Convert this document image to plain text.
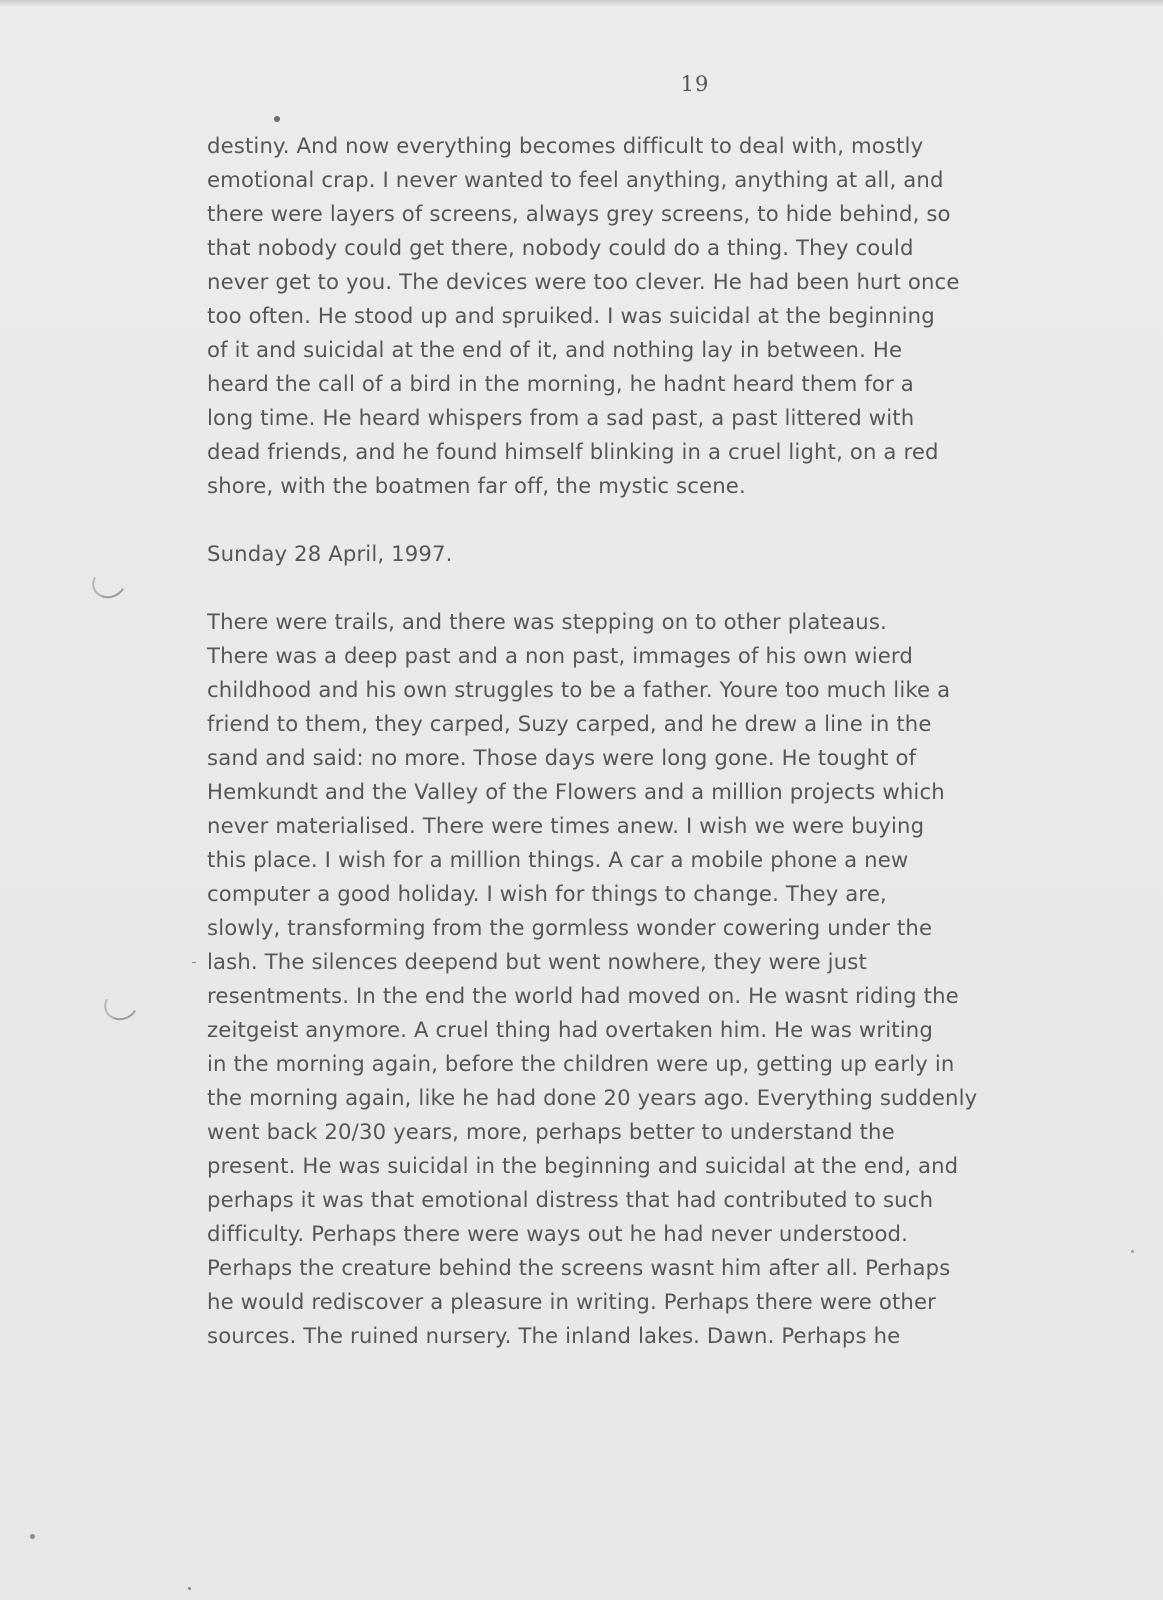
19
destiny. And now everything becomes difficult to deal with, mostly
emotional crap. I never wanted to feel anything, anything at all, and
there were layers of screens, always grey screens, to hide behind, so
that nobody could get there, nobody could do a thing. They could
never get to you. The devices were too clever. He had been hurt once
too often. He stood up and spruiked. I was suicidal at the beginning
of it and suicidal at the end of it, and nothing lay in between. He
heard the call of a bird in the morning, he hadnt heard them for a
long time. He heard whispers from a sad past, a past littered with
dead friends, and he found himself blinking in a cruel light, on a red
shore, with the boatmen far off, the mystic scene.
Sunday 28 April, 1997.
There were trails, and there was stepping on to other plateaus.
There was a deep past and a non past, immages of his own wierd
childhood and his own struggles to be a father. Youre too much like a
friend to them, they carped, Suzy carped, and he drew a line in the
sand and said: no more. Those days were long gone. He tought of
Hemkundt and the Valley of the Flowers and a million projects which
never materialised. There were times anew. I wish we were buying
this place. I wish for a million things. A car a mobile phone a new
computer a good holiday. I wish for things to change. They are,
slowly, transforming from the gormless wonder cowering under the
lash. The silences deepend but went nowhere, they were just
resentments. In the end the world had moved on. He wasnt riding the
zeitgeist anymore. A cruel thing had overtaken him. He was writing
in the morning again, before the children were up, getting up early in
the morning again, like he had done 20 years ago. Everything suddenly
went back 20/30 years, more, perhaps better to understand the
present. He was suicidal in the beginning and suicidal at the end, and
perhaps it was that emotional distress that had contributed to such
difficulty. Perhaps there were ways out he had never understood.
Perhaps the creature behind the screens wasnt him after all. Perhaps
he would rediscover a pleasure in writing. Perhaps there were other
sources. The ruined nursery. The inland lakes. Dawn. Perhaps he
